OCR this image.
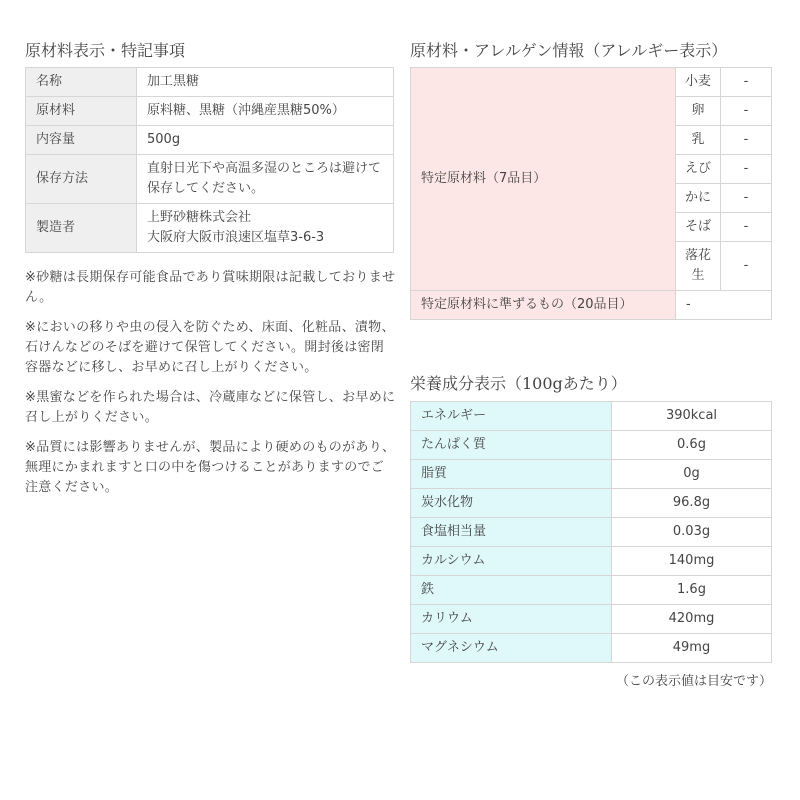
原材料表示・特記事項
名称	加工黒糖
原材料	原料糖、黒糖（沖縄産黒糖50%）
内容量	500g
保存方法	直射日光下や高温多湿のところは避けて保存してください。
製造者	上野砂糖株式会社
大阪府大阪市浪速区塩草3-6-3

※砂糖は長期保存可能食品であり賞味期限は記載しておりません。

※においの移りや虫の侵入を防ぐため、床面、化粧品、漬物、石けんなどのそばを避けて保管してください。開封後は密閉容器などに移し、お早めに召し上がりください。

※黒蜜などを作られた場合は、冷蔵庫などに保管し、お早めに召し上がりください。

※品質には影響ありませんが、製品により硬めのものがあり、無理にかまれますと口の中を傷つけることがありますのでご注意ください。

原材料・アレルゲン情報（アレルギー表示）
特定原材料（7品目）	小麦	-
	卵	-
	乳	-
	えび	-
	かに	-
	そば	-
	落花生	-
特定原材料に準ずるもの（20品目）	-	
栄養成分表示（100gあたり）
エネルギー	390kcal
たんぱく質	0.6g
脂質	0g
炭水化物	96.8g
食塩相当量	0.03g
カルシウム	140mg
鉄	1.6g
カリウム	420mg
マグネシウム	49mg
（この表示値は目安です）
